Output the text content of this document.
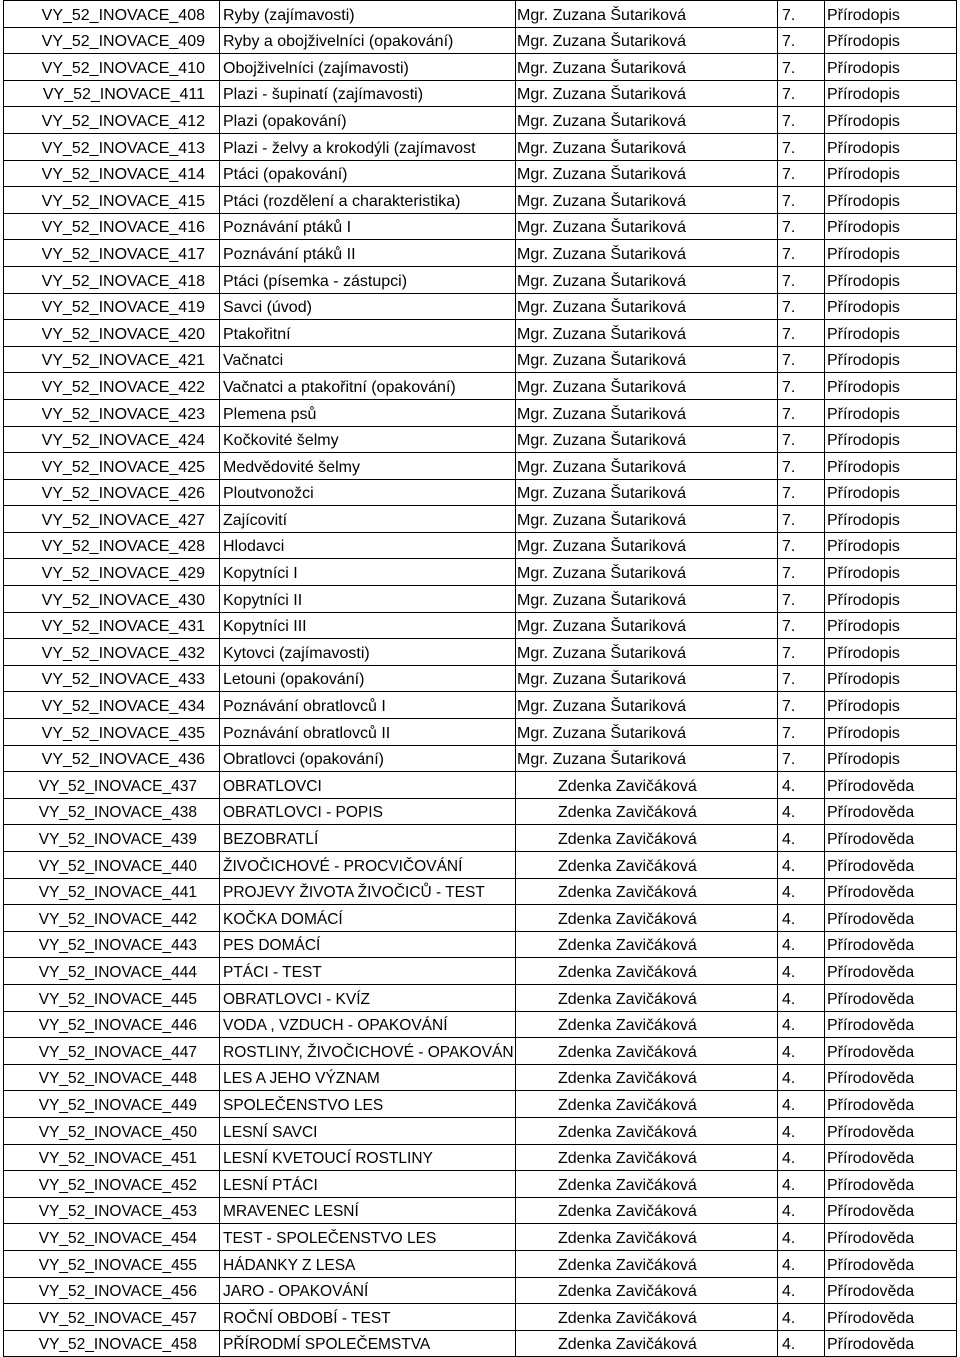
VY_52_INOVACE_408	Ryby (zajímavosti)	Mgr. Zuzana Šutariková	7.	Přírodopis
VY_52_INOVACE_409	Ryby a obojživelníci (opakování)	Mgr. Zuzana Šutariková	7.	Přírodopis
VY_52_INOVACE_410	Obojživelníci (zajímavosti)	Mgr. Zuzana Šutariková	7.	Přírodopis
VY_52_INOVACE_411	Plazi - šupinatí (zajímavosti)	Mgr. Zuzana Šutariková	7.	Přírodopis
VY_52_INOVACE_412	Plazi (opakování)	Mgr. Zuzana Šutariková	7.	Přírodopis
VY_52_INOVACE_413	Plazi - želvy a krokodýli (zajímavost	Mgr. Zuzana Šutariková	7.	Přírodopis
VY_52_INOVACE_414	Ptáci (opakování)	Mgr. Zuzana Šutariková	7.	Přírodopis
VY_52_INOVACE_415	Ptáci (rozdělení a charakteristika)	Mgr. Zuzana Šutariková	7.	Přírodopis
VY_52_INOVACE_416	Poznávání ptáků I	Mgr. Zuzana Šutariková	7.	Přírodopis
VY_52_INOVACE_417	Poznávání ptáků II	Mgr. Zuzana Šutariková	7.	Přírodopis
VY_52_INOVACE_418	Ptáci (písemka - zástupci)	Mgr. Zuzana Šutariková	7.	Přírodopis
VY_52_INOVACE_419	Savci (úvod)	Mgr. Zuzana Šutariková	7.	Přírodopis
VY_52_INOVACE_420	Ptakořitní	Mgr. Zuzana Šutariková	7.	Přírodopis
VY_52_INOVACE_421	Vačnatci	Mgr. Zuzana Šutariková	7.	Přírodopis
VY_52_INOVACE_422	Vačnatci a ptakořitní (opakování)	Mgr. Zuzana Šutariková	7.	Přírodopis
VY_52_INOVACE_423	Plemena psů	Mgr. Zuzana Šutariková	7.	Přírodopis
VY_52_INOVACE_424	Kočkovité šelmy	Mgr. Zuzana Šutariková	7.	Přírodopis
VY_52_INOVACE_425	Medvědovité šelmy	Mgr. Zuzana Šutariková	7.	Přírodopis
VY_52_INOVACE_426	Ploutvonožci	Mgr. Zuzana Šutariková	7.	Přírodopis
VY_52_INOVACE_427	Zajícovití	Mgr. Zuzana Šutariková	7.	Přírodopis
VY_52_INOVACE_428	Hlodavci	Mgr. Zuzana Šutariková	7.	Přírodopis
VY_52_INOVACE_429	Kopytníci I	Mgr. Zuzana Šutariková	7.	Přírodopis
VY_52_INOVACE_430	Kopytníci II	Mgr. Zuzana Šutariková	7.	Přírodopis
VY_52_INOVACE_431	Kopytníci III	Mgr. Zuzana Šutariková	7.	Přírodopis
VY_52_INOVACE_432	Kytovci (zajímavosti)	Mgr. Zuzana Šutariková	7.	Přírodopis
VY_52_INOVACE_433	Letouni (opakování)	Mgr. Zuzana Šutariková	7.	Přírodopis
VY_52_INOVACE_434	Poznávání obratlovců I	Mgr. Zuzana Šutariková	7.	Přírodopis
VY_52_INOVACE_435	Poznávání obratlovců II	Mgr. Zuzana Šutariková	7.	Přírodopis
VY_52_INOVACE_436	Obratlovci (opakování)	Mgr. Zuzana Šutariková	7.	Přírodopis
VY_52_INOVACE_437	OBRATLOVCI	Zdenka Zavičáková	4.	Přírodověda
VY_52_INOVACE_438	OBRATLOVCI - POPIS	Zdenka Zavičáková	4.	Přírodověda
VY_52_INOVACE_439	BEZOBRATLÍ	Zdenka Zavičáková	4.	Přírodověda
VY_52_INOVACE_440	ŽIVOČICHOVÉ - PROCVIČOVÁNÍ	Zdenka Zavičáková	4.	Přírodověda
VY_52_INOVACE_441	PROJEVY ŽIVOTA ŽIVOČICŮ - TEST	Zdenka Zavičáková	4.	Přírodověda
VY_52_INOVACE_442	KOČKA DOMÁCÍ	Zdenka Zavičáková	4.	Přírodověda
VY_52_INOVACE_443	PES DOMÁCÍ	Zdenka Zavičáková	4.	Přírodověda
VY_52_INOVACE_444	PTÁCI - TEST	Zdenka Zavičáková	4.	Přírodověda
VY_52_INOVACE_445	OBRATLOVCI - KVÍZ	Zdenka Zavičáková	4.	Přírodověda
VY_52_INOVACE_446	VODA , VZDUCH - OPAKOVÁNÍ	Zdenka Zavičáková	4.	Přírodověda
VY_52_INOVACE_447	ROSTLINY, ŽIVOČICHOVÉ - OPAKOVÁN	Zdenka Zavičáková	4.	Přírodověda
VY_52_INOVACE_448	LES A JEHO VÝZNAM	Zdenka Zavičáková	4.	Přírodověda
VY_52_INOVACE_449	SPOLEČENSTVO LES	Zdenka Zavičáková	4.	Přírodověda
VY_52_INOVACE_450	LESNÍ SAVCI	Zdenka Zavičáková	4.	Přírodověda
VY_52_INOVACE_451	LESNÍ KVETOUCÍ ROSTLINY	Zdenka Zavičáková	4.	Přírodověda
VY_52_INOVACE_452	LESNÍ PTÁCI	Zdenka Zavičáková	4.	Přírodověda
VY_52_INOVACE_453	MRAVENEC LESNÍ	Zdenka Zavičáková	4.	Přírodověda
VY_52_INOVACE_454	TEST - SPOLEČENSTVO LES	Zdenka Zavičáková	4.	Přírodověda
VY_52_INOVACE_455	HÁDANKY Z LESA	Zdenka Zavičáková	4.	Přírodověda
VY_52_INOVACE_456	JARO - OPAKOVÁNÍ	Zdenka Zavičáková	4.	Přírodověda
VY_52_INOVACE_457	ROČNÍ OBDOBÍ - TEST	Zdenka Zavičáková	4.	Přírodověda
VY_52_INOVACE_458	PŘÍRODMÍ SPOLEČEMSTVA	Zdenka Zavičáková	4.	Přírodověda
